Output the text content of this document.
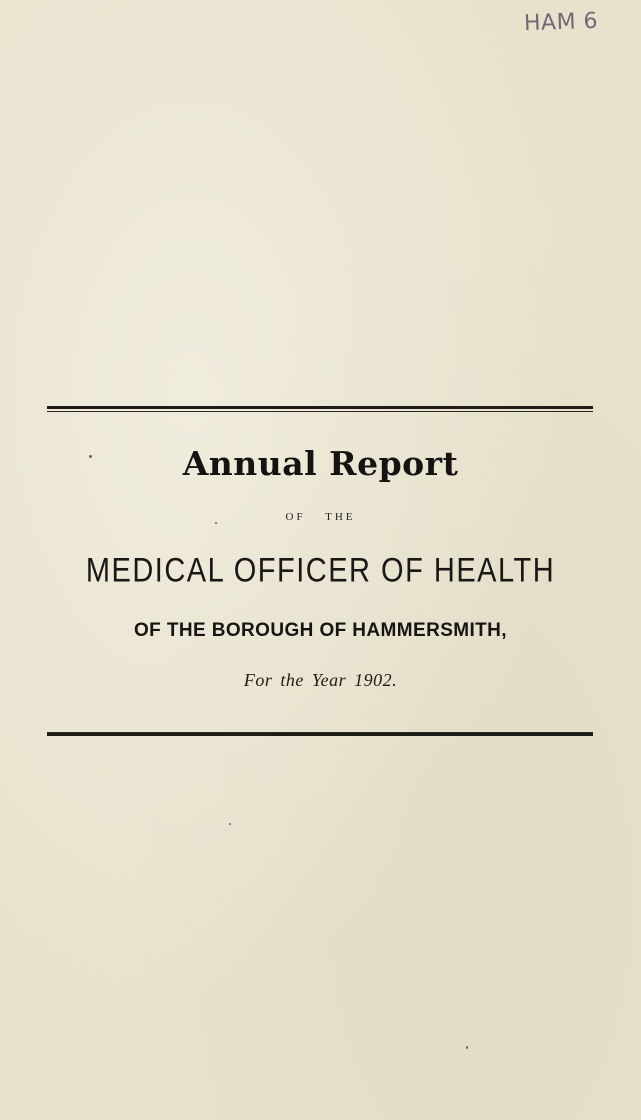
HAM 6
Annual Report
OF THE
MEDICAL OFFICER OF HEALTH
OF THE BOROUGH OF HAMMERSMITH,
For the Year 1902.
